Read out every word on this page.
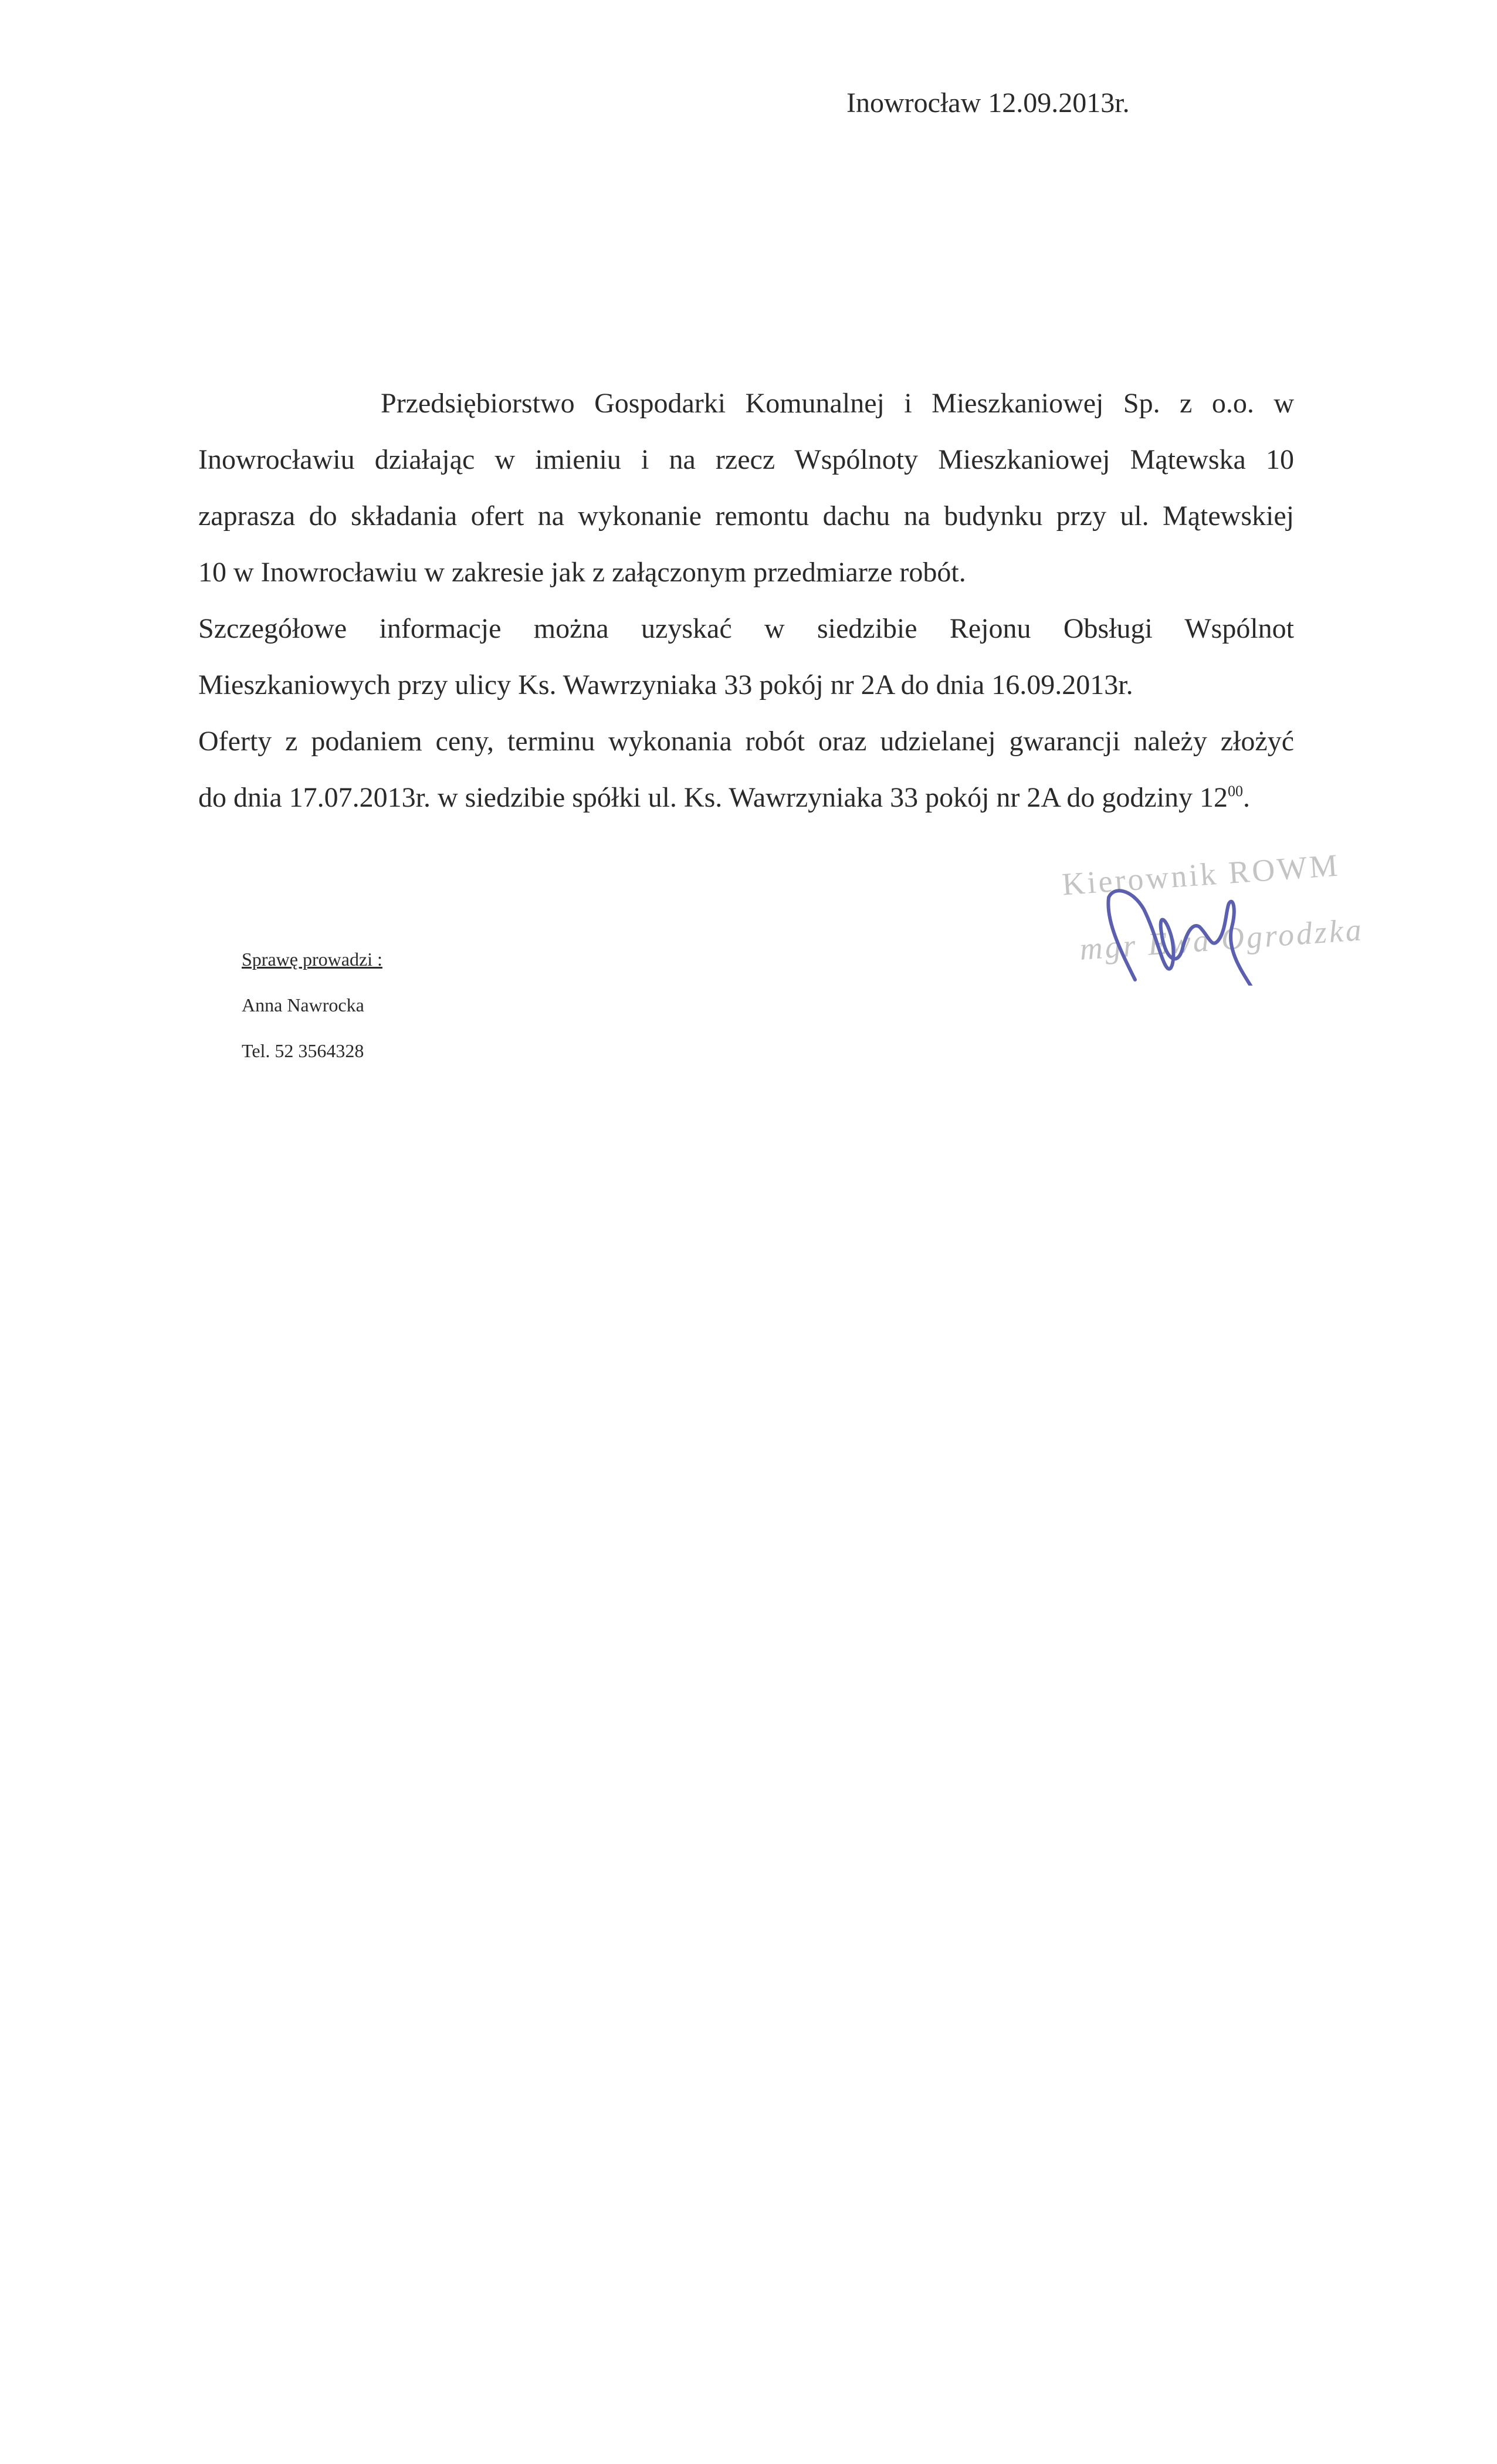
Inowrocław 12.09.2013r.
Przedsiębiorstwo Gospodarki Komunalnej i Mieszkaniowej Sp. z o.o. w
Inowrocławiu działając w imieniu i na rzecz Wspólnoty Mieszkaniowej Mątewska 10
zaprasza do składania ofert na wykonanie remontu dachu na budynku przy ul. Mątewskiej
10 w Inowrocławiu w zakresie jak z załączonym przedmiarze robót.
Szczegółowe informacje można uzyskać w siedzibie Rejonu Obsługi Wspólnot
Mieszkaniowych przy ulicy Ks. Wawrzyniaka 33 pokój nr 2A do dnia 16.09.2013r.
Oferty z podaniem ceny, terminu wykonania robót oraz udzielanej gwarancji należy złożyć
do dnia 17.07.2013r. w siedzibie spółki ul. Ks. Wawrzyniaka 33 pokój nr 2A do godziny $12^{00}$.
Kierownik ROWM
mgr Ewa Ogrodzka
Sprawę prowadzi :
Anna Nawrocka
Tel. 52 3564328
